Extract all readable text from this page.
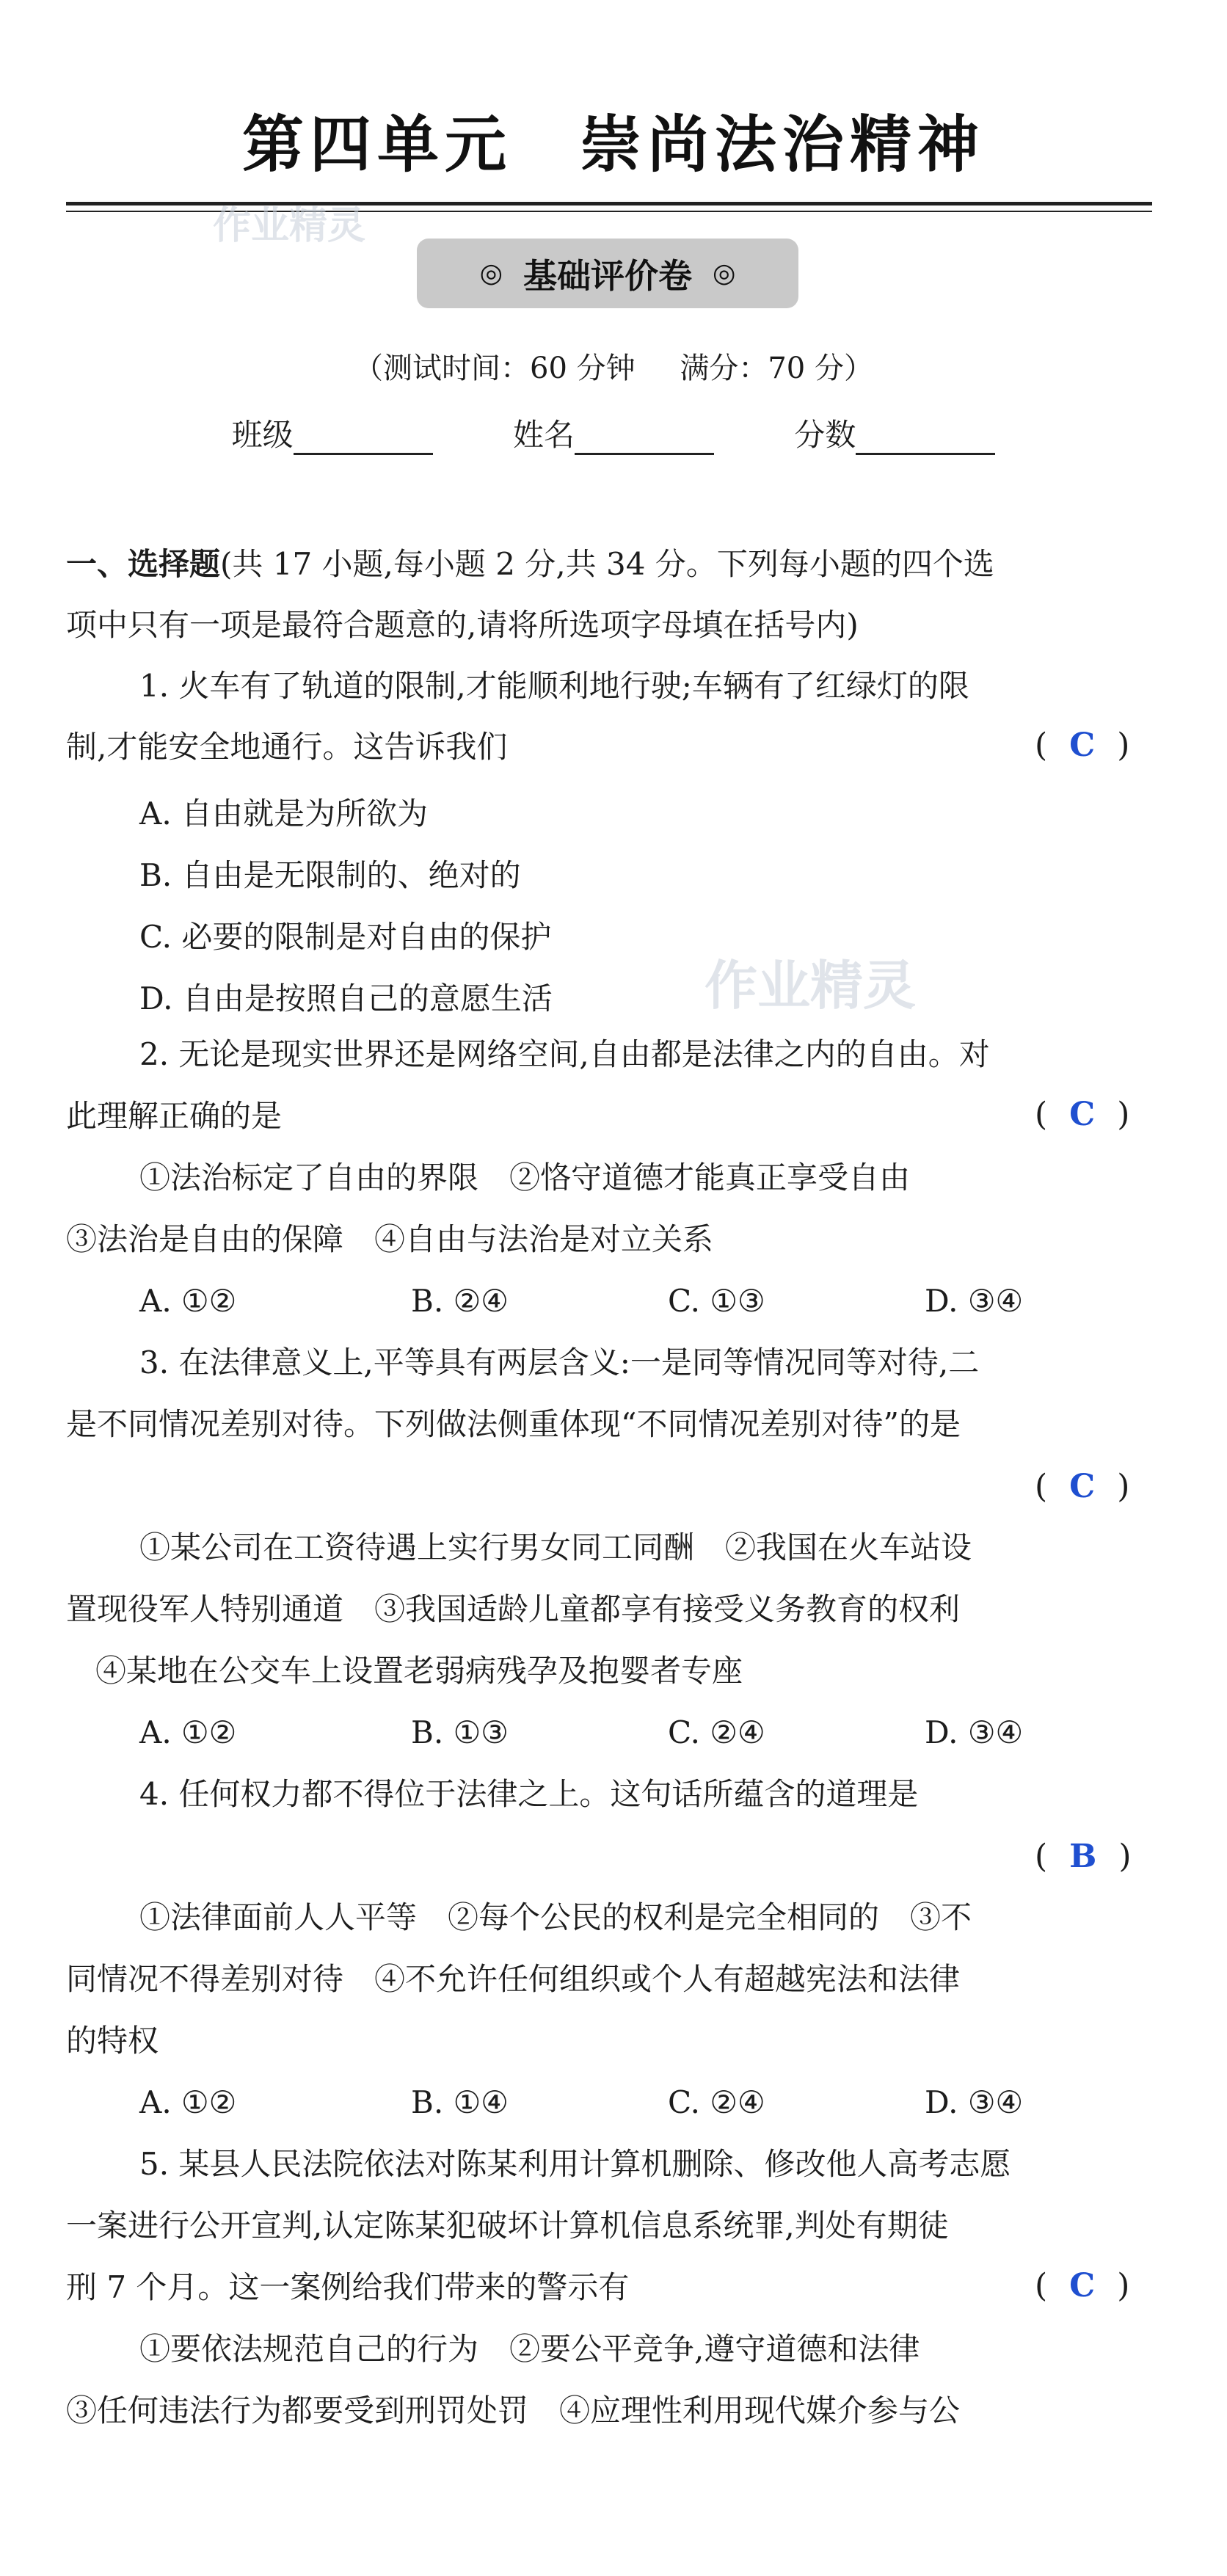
第四单元　崇尚法治精神
作业精灵
◎ 基础评价卷 ◎
（测试时间：60 分钟 满分：70 分）
班级	姓名	分数
一、选择题(共 17 小题,每小题 2 分,共 34 分。下列每小题的四个选
项中只有一项是最符合题意的,请将所选项字母填在括号内)
1. 火车有了轨道的限制,才能顺利地行驶;车辆有了红绿灯的限
制,才能安全地通行。这告诉我们	( C )
A. 自由就是为所欲为
B. 自由是无限制的、绝对的
C. 必要的限制是对自由的保护
D. 自由是按照自己的意愿生活	作业精灵
2. 无论是现实世界还是网络空间,自由都是法律之内的自由。对
此理解正确的是	( C )
①法治标定了自由的界限　②恪守道德才能真正享受自由
③法治是自由的保障　④自由与法治是对立关系
A. ①②	B. ②④	C. ①③	D. ③④
3. 在法律意义上,平等具有两层含义:一是同等情况同等对待,二
是不同情况差别对待。下列做法侧重体现“不同情况差别对待”的是
( C )
①某公司在工资待遇上实行男女同工同酬　②我国在火车站设
置现役军人特别通道　③我国适龄儿童都享有接受义务教育的权利
④某地在公交车上设置老弱病残孕及抱婴者专座
A. ①②	B. ①③	C. ②④	D. ③④
4. 任何权力都不得位于法律之上。这句话所蕴含的道理是
( B )
①法律面前人人平等　②每个公民的权利是完全相同的　③不
同情况不得差别对待　④不允许任何组织或个人有超越宪法和法律
的特权
A. ①②	B. ①④	C. ②④	D. ③④
5. 某县人民法院依法对陈某利用计算机删除、修改他人高考志愿
一案进行公开宣判,认定陈某犯破坏计算机信息系统罪,判处有期徒
刑 7 个月。这一案例给我们带来的警示有	( C )
①要依法规范自己的行为　②要公平竞争,遵守道德和法律
③任何违法行为都要受到刑罚处罚　④应理性利用现代媒介参与公
